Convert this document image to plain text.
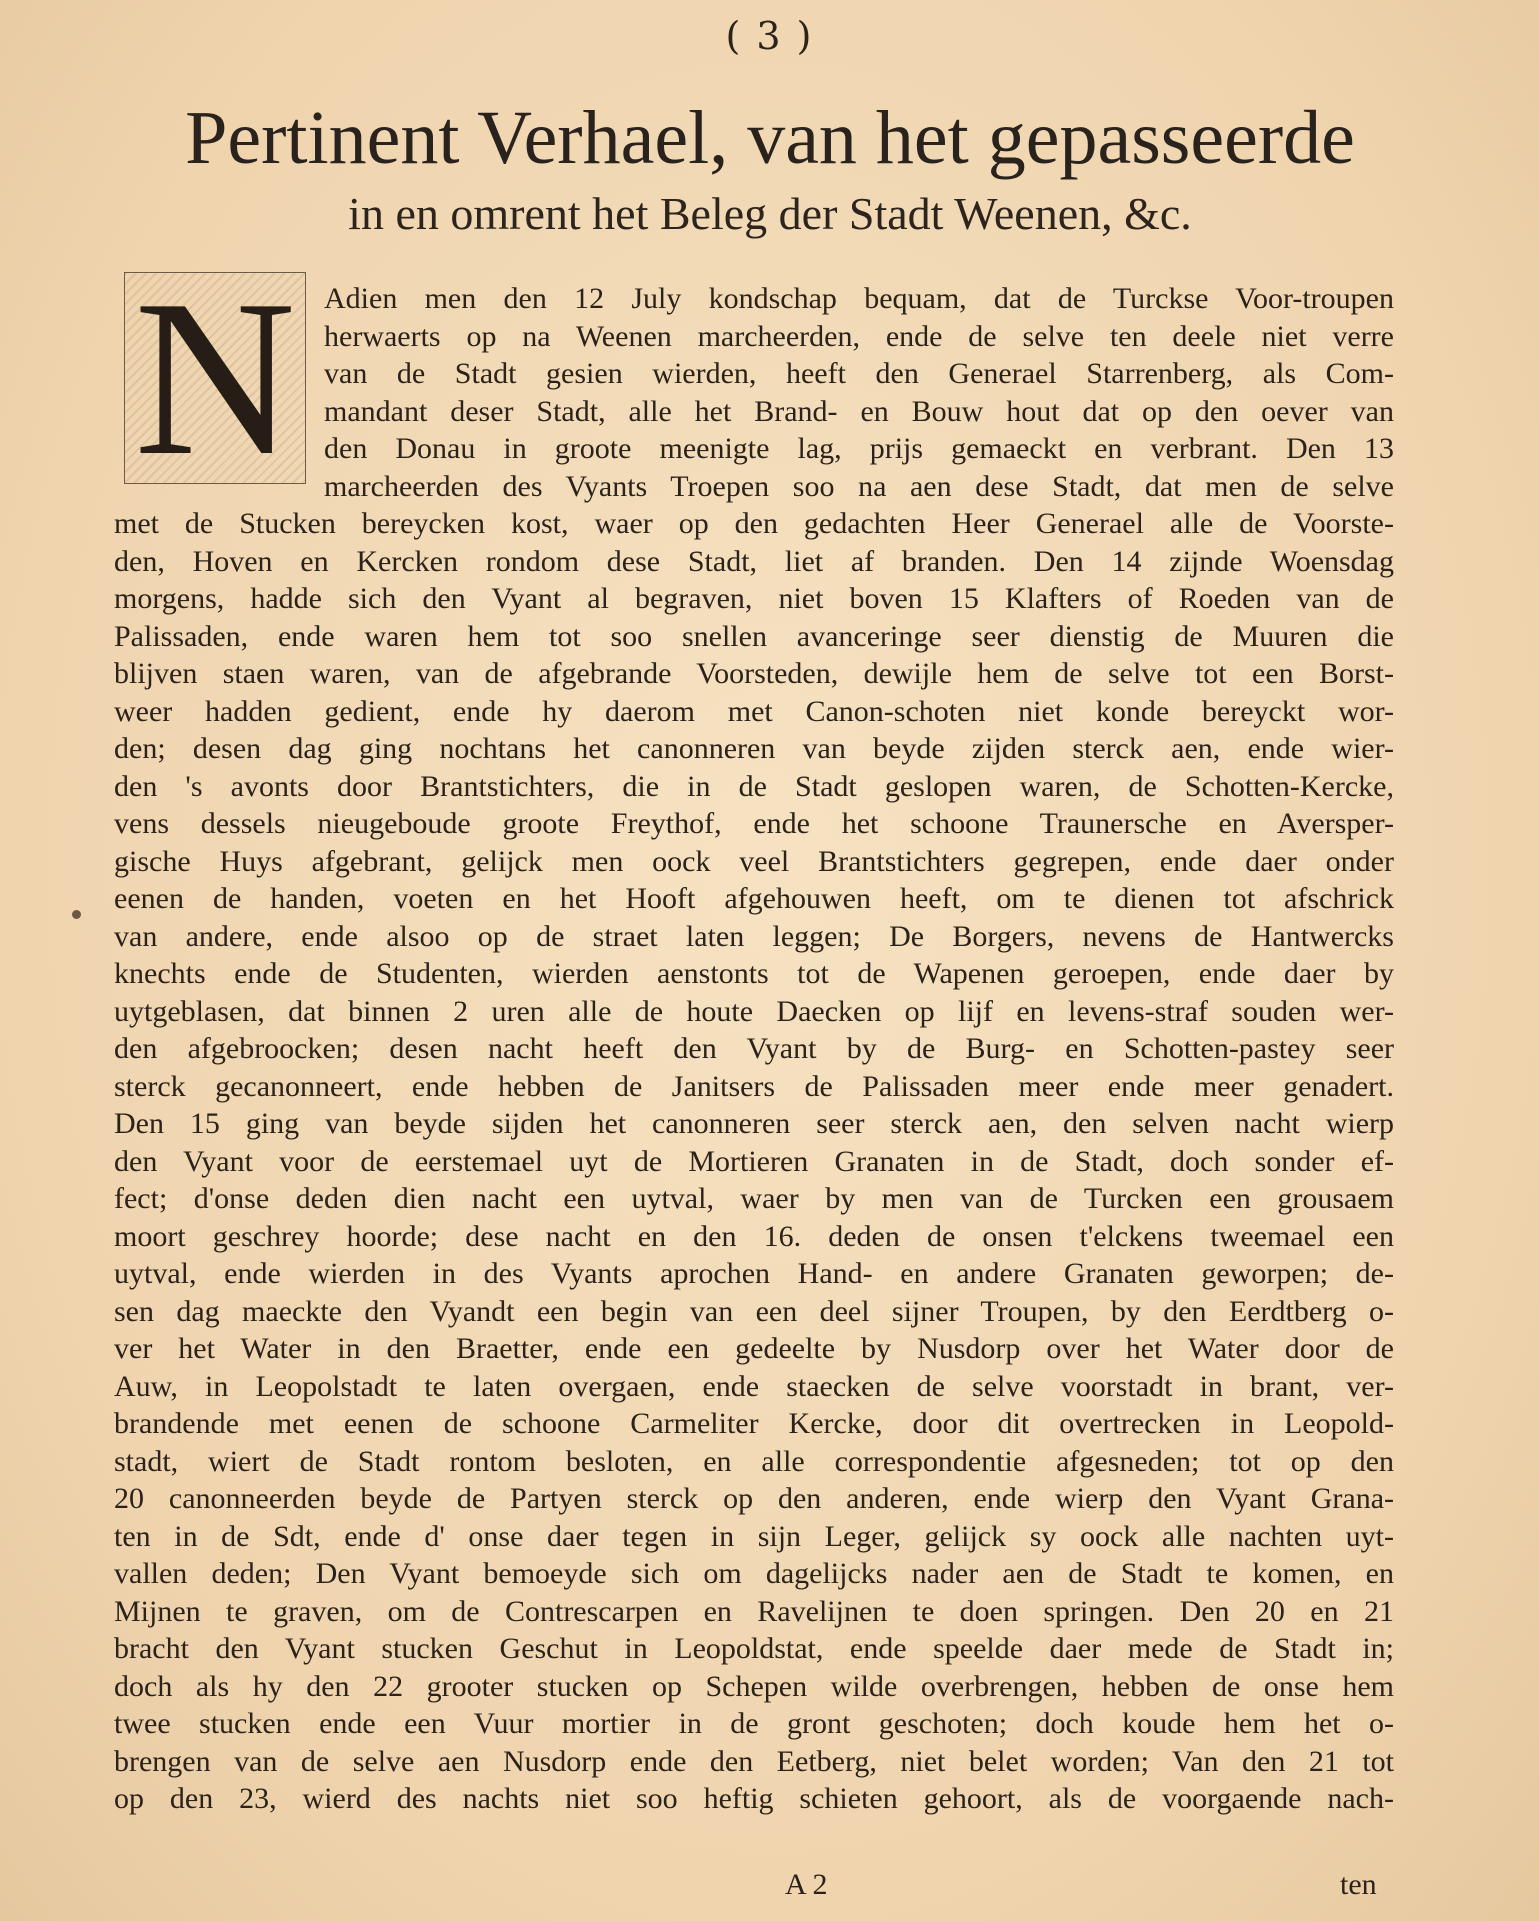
( 3 )
Pertinent Verhael, van het gepasseerde
in en omrent het Beleg der Stadt Weenen, &c.
N Adien men den 12 July kondschap bequam, dat de Turckse Voor-troupen
herwaerts op na Weenen marcheerden, ende de selve ten deele niet verre
van de Stadt gesien wierden, heeft den Generael Starrenberg, als Com-
mandant deser Stadt, alle het Brand- en Bouw hout dat op den oever van
den Donau in groote meenigte lag, prijs gemaeckt en verbrant. Den 13
marcheerden des Vyants Troepen soo na aen dese Stadt, dat men de selve
met de Stucken bereycken kost, waer op den gedachten Heer Generael alle de Voorste-
den, Hoven en Kercken rondom dese Stadt, liet af branden. Den 14 zijnde Woensdag
morgens, hadde sich den Vyant al begraven, niet boven 15 Klafters of Roeden van de
Palissaden, ende waren hem tot soo snellen avanceringe seer dienstig de Muuren die
blijven staen waren, van de afgebrande Voorsteden, dewijle hem de selve tot een Borst-
weer hadden gedient, ende hy daerom met Canon-schoten niet konde bereyckt wor-
den; desen dag ging nochtans het canonneren van beyde zijden sterck aen, ende wier-
den 's avonts door Brantstichters, die in de Stadt geslopen waren, de Schotten-Kercke,
vens dessels nieugeboude groote Freythof, ende het schoone Traunersche en Aversper-
gische Huys afgebrant, gelijck men oock veel Brantstichters gegrepen, ende daer onder
eenen de handen, voeten en het Hooft afgehouwen heeft, om te dienen tot afschrick
van andere, ende alsoo op de straet laten leggen; De Borgers, nevens de Hantwercks
knechts ende de Studenten, wierden aenstonts tot de Wapenen geroepen, ende daer by
uytgeblasen, dat binnen 2 uren alle de houte Daecken op lijf en levens-straf souden wer-
den afgebroocken; desen nacht heeft den Vyant by de Burg- en Schotten-pastey seer
sterck gecanonneert, ende hebben de Janitsers de Palissaden meer ende meer genadert.
Den 15 ging van beyde sijden het canonneren seer sterck aen, den selven nacht wierp
den Vyant voor de eerstemael uyt de Mortieren Granaten in de Stadt, doch sonder ef-
fect; d'onse deden dien nacht een uytval, waer by men van de Turcken een grousaem
moort geschrey hoorde; dese nacht en den 16. deden de onsen t'elckens tweemael een
uytval, ende wierden in des Vyants aprochen Hand- en andere Granaten geworpen; de-
sen dag maeckte den Vyandt een begin van een deel sijner Troupen, by den Eerdtberg o-
ver het Water in den Braetter, ende een gedeelte by Nusdorp over het Water door de
Auw, in Leopolstadt te laten overgaen, ende staecken de selve voorstadt in brant, ver-
brandende met eenen de schoone Carmeliter Kercke, door dit overtrecken in Leopold-
stadt, wiert de Stadt rontom besloten, en alle correspondentie afgesneden; tot op den
20 canonneerden beyde de Partyen sterck op den anderen, ende wierp den Vyant Grana-
ten in de Sdt, ende d' onse daer tegen in sijn Leger, gelijck sy oock alle nachten uyt-
vallen deden; Den Vyant bemoeyde sich om dagelijcks nader aen de Stadt te komen, en
Mijnen te graven, om de Contrescarpen en Ravelijnen te doen springen. Den 20 en 21
bracht den Vyant stucken Geschut in Leopoldstat, ende speelde daer mede de Stadt in;
doch als hy den 22 grooter stucken op Schepen wilde overbrengen, hebben de onse hem
twee stucken ende een Vuur mortier in de gront geschoten; doch koude hem het o-
brengen van de selve aen Nusdorp ende den Eetberg, niet belet worden; Van den 21 tot
op den 23, wierd des nachts niet soo heftig schieten gehoort, als de voorgaende nach-
A 2	ten
